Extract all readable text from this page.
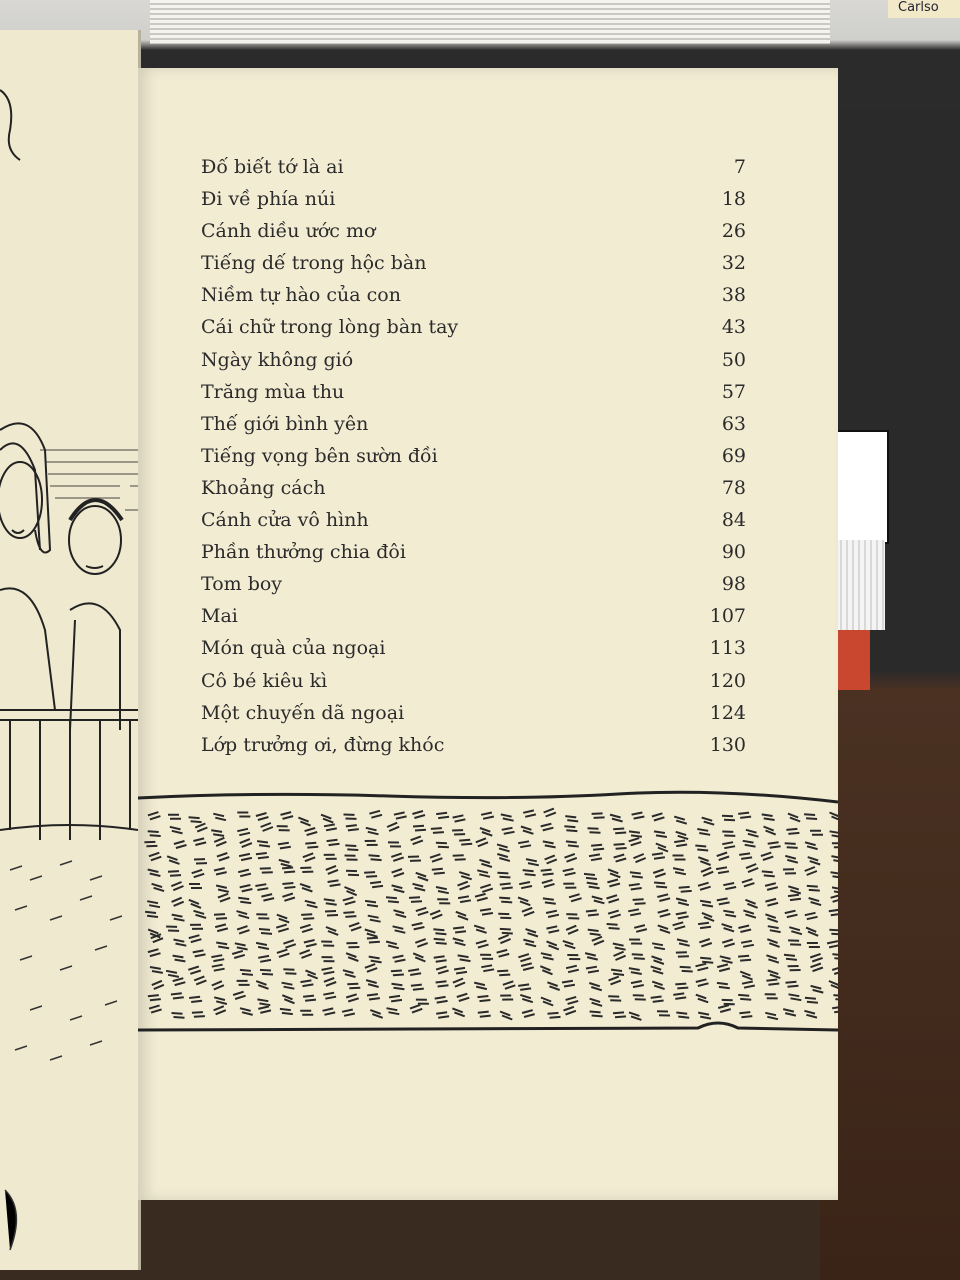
Carlso
Đố biết tớ là ai	7
Đi về phía núi	18
Cánh diều ước mơ	26
Tiếng dế trong hộc bàn	32
Niềm tự hào của con	38
Cái chữ trong lòng bàn tay	43
Ngày không gió	50
Trăng mùa thu	57
Thế giới bình yên	63
Tiếng vọng bên sườn đồi	69
Khoảng cách	78
Cánh cửa vô hình	84
Phần thưởng chia đôi	90
Tom boy	98
Mai	107
Món quà của ngoại	113
Cô bé kiêu kì	120
Một chuyến dã ngoại	124
Lớp trưởng ơi, đừng khóc	130
